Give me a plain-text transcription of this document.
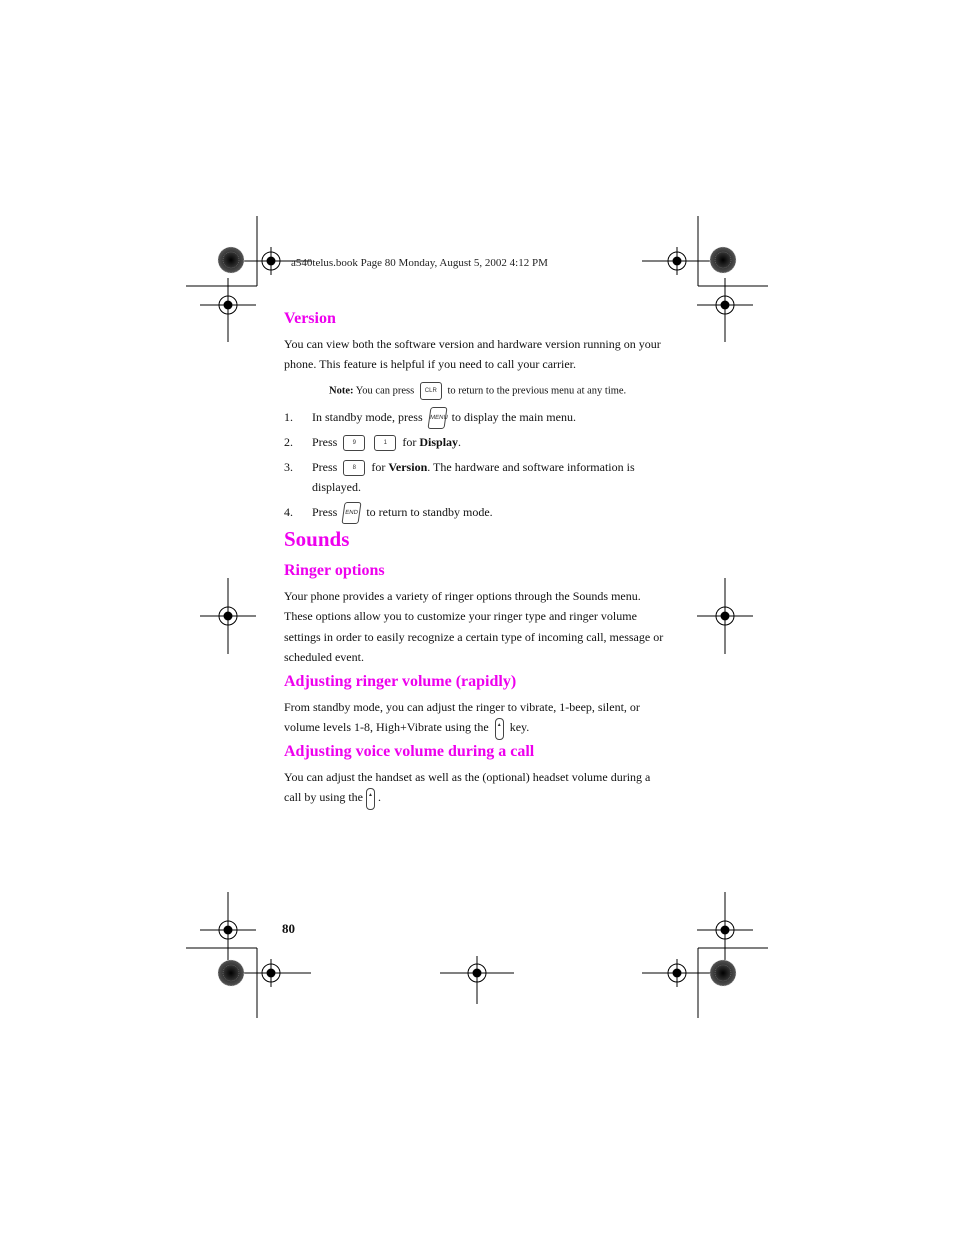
a540telus.book Page 80 Monday, August 5, 2002 4:12 PM
Version
You can view both the software version and hardware version running on your phone. This feature is helpful if you need to call your carrier.
Note: You can press CLR to return to the previous menu at any time.
1. In standby mode, press MENU to display the main menu.
2. Press	9	1 for Display.
3. Press	8 for Version. The hardware and software information is displayed.
4. Press END to return to standby mode.
Sounds
Ringer options
Your phone provides a variety of ringer options through the Sounds menu. These options allow you to customize your ringer type and ringer volume settings in order to easily recognize a certain type of incoming call, message or scheduled event.
Adjusting ringer volume (rapidly)
From standby mode, you can adjust the ringer to vibrate, 1-beep, silent, or volume levels 1-8, High+Vibrate using the ▲ key.
Adjusting voice volume during a call
You can adjust the handset as well as the (optional) headset volume during a call by using the ▲ .
80
